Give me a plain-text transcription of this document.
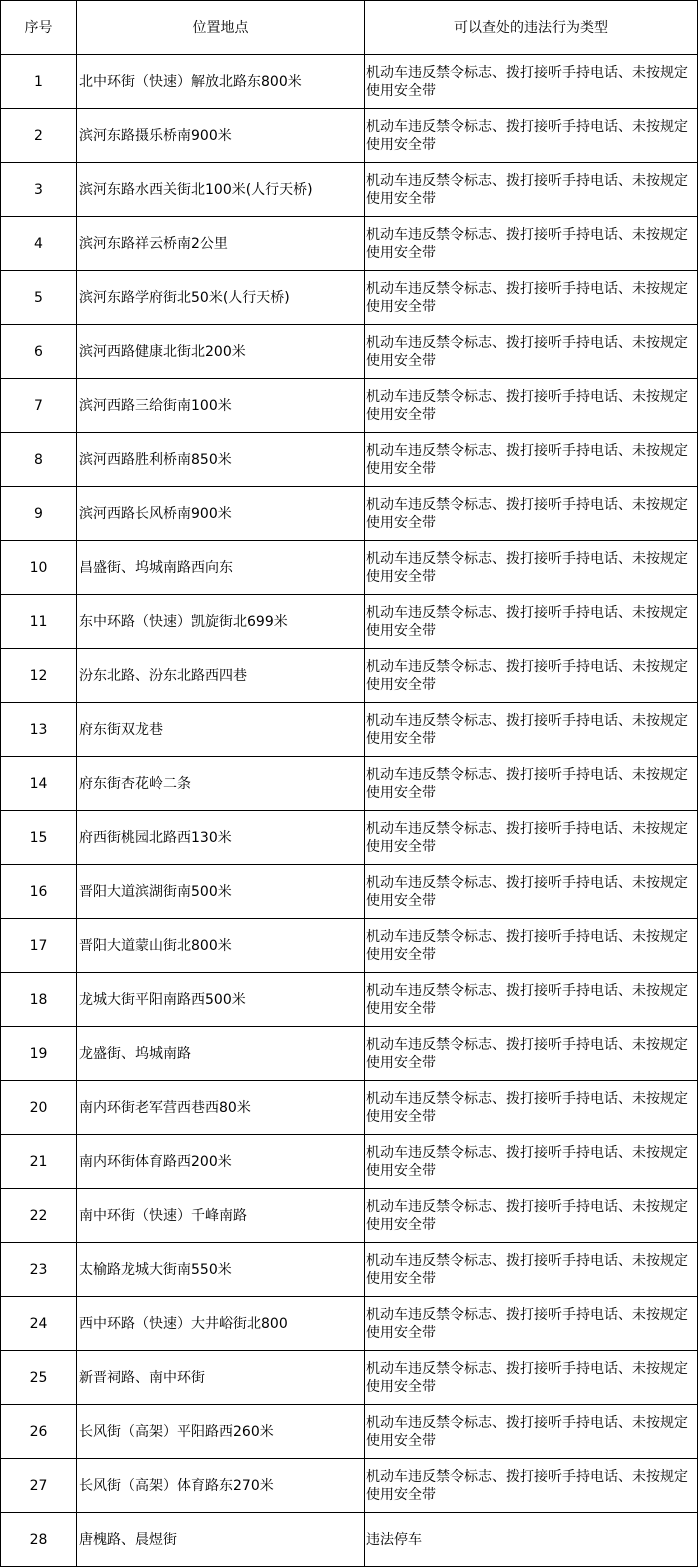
序号	位置地点	可以查处的违法行为类型
1	北中环街（快速）解放北路东800米	机动车违反禁令标志、拨打接听手持电话、未按规定使用安全带
2	滨河东路摄乐桥南900米	机动车违反禁令标志、拨打接听手持电话、未按规定使用安全带
3	滨河东路水西关街北100米(人行天桥)	机动车违反禁令标志、拨打接听手持电话、未按规定使用安全带
4	滨河东路祥云桥南2公里	机动车违反禁令标志、拨打接听手持电话、未按规定使用安全带
5	滨河东路学府街北50米(人行天桥)	机动车违反禁令标志、拨打接听手持电话、未按规定使用安全带
6	滨河西路健康北街北200米	机动车违反禁令标志、拨打接听手持电话、未按规定使用安全带
7	滨河西路三给街南100米	机动车违反禁令标志、拨打接听手持电话、未按规定使用安全带
8	滨河西路胜利桥南850米	机动车违反禁令标志、拨打接听手持电话、未按规定使用安全带
9	滨河西路长风桥南900米	机动车违反禁令标志、拨打接听手持电话、未按规定使用安全带
10	昌盛街、坞城南路西向东	机动车违反禁令标志、拨打接听手持电话、未按规定使用安全带
11	东中环路（快速）凯旋街北699米	机动车违反禁令标志、拨打接听手持电话、未按规定使用安全带
12	汾东北路、汾东北路西四巷	机动车违反禁令标志、拨打接听手持电话、未按规定使用安全带
13	府东街双龙巷	机动车违反禁令标志、拨打接听手持电话、未按规定使用安全带
14	府东街杏花岭二条	机动车违反禁令标志、拨打接听手持电话、未按规定使用安全带
15	府西街桃园北路西130米	机动车违反禁令标志、拨打接听手持电话、未按规定使用安全带
16	晋阳大道滨湖街南500米	机动车违反禁令标志、拨打接听手持电话、未按规定使用安全带
17	晋阳大道蒙山街北800米	机动车违反禁令标志、拨打接听手持电话、未按规定使用安全带
18	龙城大街平阳南路西500米	机动车违反禁令标志、拨打接听手持电话、未按规定使用安全带
19	龙盛街、坞城南路	机动车违反禁令标志、拨打接听手持电话、未按规定使用安全带
20	南内环街老军营西巷西80米	机动车违反禁令标志、拨打接听手持电话、未按规定使用安全带
21	南内环街体育路西200米	机动车违反禁令标志、拨打接听手持电话、未按规定使用安全带
22	南中环街（快速）千峰南路	机动车违反禁令标志、拨打接听手持电话、未按规定使用安全带
23	太榆路龙城大街南550米	机动车违反禁令标志、拨打接听手持电话、未按规定使用安全带
24	西中环路（快速）大井峪街北800	机动车违反禁令标志、拨打接听手持电话、未按规定使用安全带
25	新晋祠路、南中环街	机动车违反禁令标志、拨打接听手持电话、未按规定使用安全带
26	长风街（高架）平阳路西260米	机动车违反禁令标志、拨打接听手持电话、未按规定使用安全带
27	长风街（高架）体育路东270米	机动车违反禁令标志、拨打接听手持电话、未按规定使用安全带
28	唐槐路、晨煜街	违法停车
